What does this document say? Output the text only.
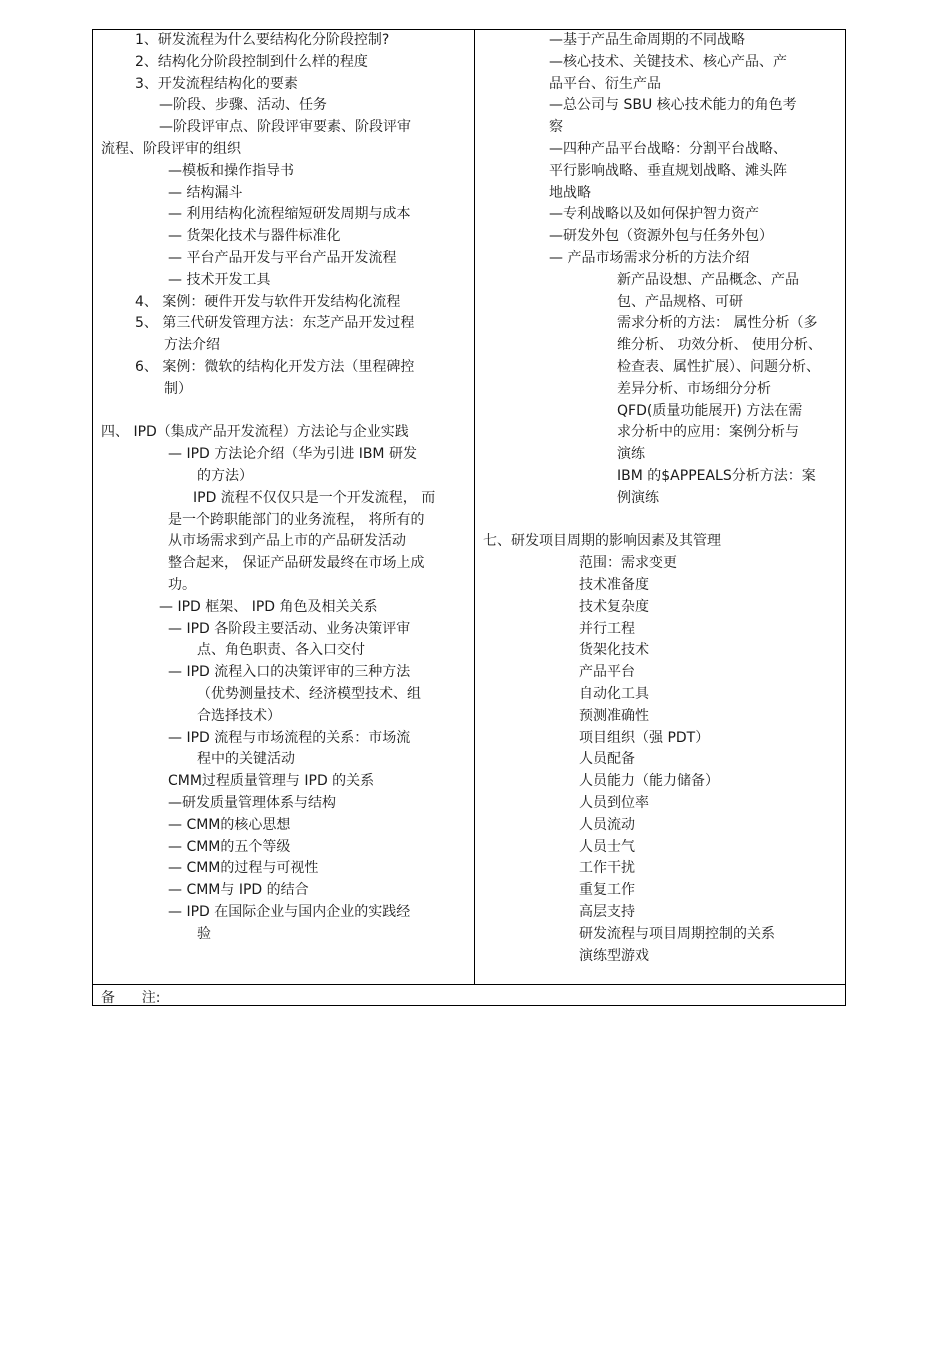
1、研发流程为什么要结构化分阶段控制?
2、结构化分阶段控制到什么样的程度
3、开发流程结构化的要素
—阶段、步骤、活动、任务
—阶段评审点、阶段评审要素、阶段评审
流程、阶段评审的组织
—模板和操作指导书
— 结构漏斗
— 利用结构化流程缩短研发周期与成本
— 货架化技术与器件标准化
— 平台产品开发与平台产品开发流程
— 技术开发工具
4、 案例：硬件开发与软件开发结构化流程
5、 第三代研发管理方法：东芝产品开发过程
方法介绍
6、 案例：微软的结构化开发方法（里程碑控
制）
四、 IPD（集成产品开发流程）方法论与企业实践
— IPD 方法论介绍（华为引进 IBM 研发
的方法）
IPD 流程不仅仅只是一个开发流程， 而
是一个跨职能部门的业务流程， 将所有的
从市场需求到产品上市的产品研发活动
整合起来， 保证产品研发最终在市场上成
功。
— IPD 框架、 IPD 角色及相关关系
— IPD 各阶段主要活动、业务决策评审
点、角色职责、各入口交付
— IPD 流程入口的决策评审的三种方法
（优势测量技术、经济模型技术、组
合选择技术）
— IPD 流程与市场流程的关系：市场流
程中的关键活动
CMM过程质量管理与 IPD 的关系
—研发质量管理体系与结构
— CMM的核心思想
— CMM的五个等级
— CMM的过程与可视性
— CMM与 IPD 的结合
— IPD 在国际企业与国内企业的实践经
验
—基于产品生命周期的不同战略
—核心技术、关键技术、核心产品、产
品平台、衍生产品
—总公司与 SBU 核心技术能力的角色考
察
—四种产品平台战略：分割平台战略、
平行影响战略、垂直规划战略、滩头阵
地战略
—专利战略以及如何保护智力资产
—研发外包（资源外包与任务外包）
— 产品市场需求分析的方法介绍
新产品设想、产品概念、产品
包、产品规格、可研
需求分析的方法： 属性分析（多
维分析、 功效分析、 使用分析、
检查表、属性扩展）、问题分析、
差异分析、市场细分分析
QFD(质量功能展开) 方法在需
求分析中的应用：案例分析与
演练
IBM 的$APPEALS分析方法：案
例演练
七、研发项目周期的影响因素及其管理
范围：需求变更
技术准备度
技术复杂度
并行工程
货架化技术
产品平台
自动化工具
预测准确性
项目组织（强 PDT）
人员配备
人员能力（能力储备）
人员到位率
人员流动
人员士气
工作干扰
重复工作
高层支持
研发流程与项目周期控制的关系
演练型游戏
备      注:
